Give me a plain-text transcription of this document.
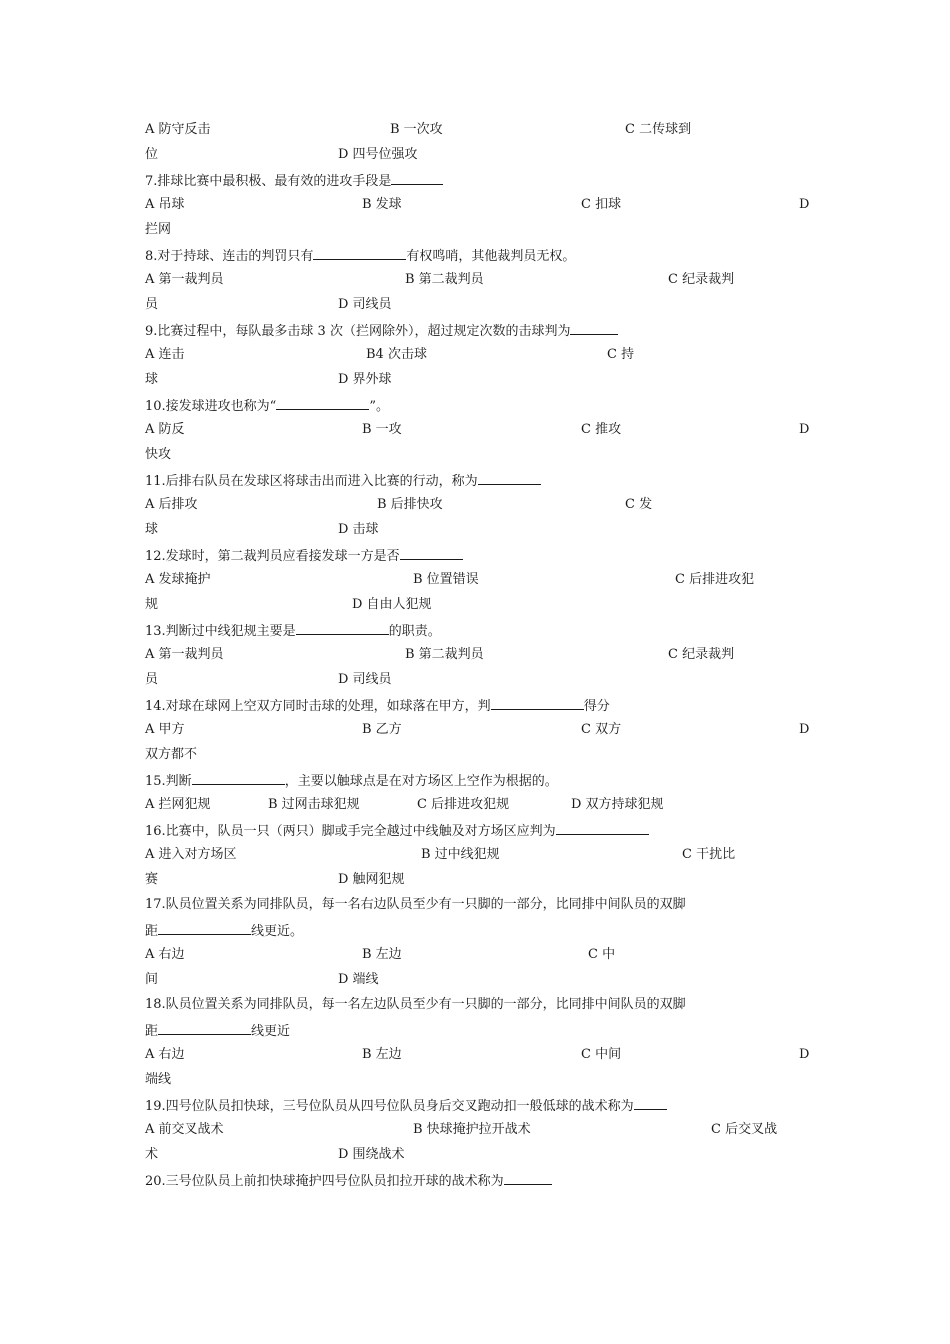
A 防守反击	B 一次攻	C 二传球到
位	D 四号位强攻
7.排球比赛中最积极、最有效的进攻手段是
A 吊球	B 发球	C 扣球	D
拦网
8.对于持球、连击的判罚只有	有权鸣哨，其他裁判员无权。
A 第一裁判员	B 第二裁判员	C 纪录裁判
员	D 司线员
9.比赛过程中，每队最多击球 3 次（拦网除外），超过规定次数的击球判为
A 连击	B4 次击球	C 持
球	D 界外球
10.接发球进攻也称为“	”。
A 防反	B 一攻	C 推攻	D
快攻
11.后排右队员在发球区将球击出而进入比赛的行动，称为
A 后排攻	B 后排快攻	C 发
球	D 击球
12.发球时，第二裁判员应看接发球一方是否
A 发球掩护	B 位置错误	C 后排进攻犯
规	D 自由人犯规
13.判断过中线犯规主要是	的职责。
A 第一裁判员	B 第二裁判员	C 纪录裁判
员	D 司线员
14.对球在球网上空双方同时击球的处理，如球落在甲方，判	得分
A 甲方	B 乙方	C 双方	D
双方都不
15.判断	，主要以触球点是在对方场区上空作为根据的。
A 拦网犯规	B 过网击球犯规	C 后排进攻犯规	D 双方持球犯规
16.比赛中，队员一只（两只）脚或手完全越过中线触及对方场区应判为
A 进入对方场区	B 过中线犯规	C 干扰比
赛	D 触网犯规
17.队员位置关系为同排队员，每一名右边队员至少有一只脚的一部分，比同排中间队员的双脚
距	线更近。
A 右边	B 左边	C 中
间	D 端线
18.队员位置关系为同排队员，每一名左边队员至少有一只脚的一部分，比同排中间队员的双脚
距	线更近
A 右边	B 左边	C 中间	D
端线
19.四号位队员扣快球，三号位队员从四号位队员身后交叉跑动扣一般低球的战术称为
A 前交叉战术	B 快球掩护拉开战术	C 后交叉战
术	D 围绕战术
20.三号位队员上前扣快球掩护四号位队员扣拉开球的战术称为
